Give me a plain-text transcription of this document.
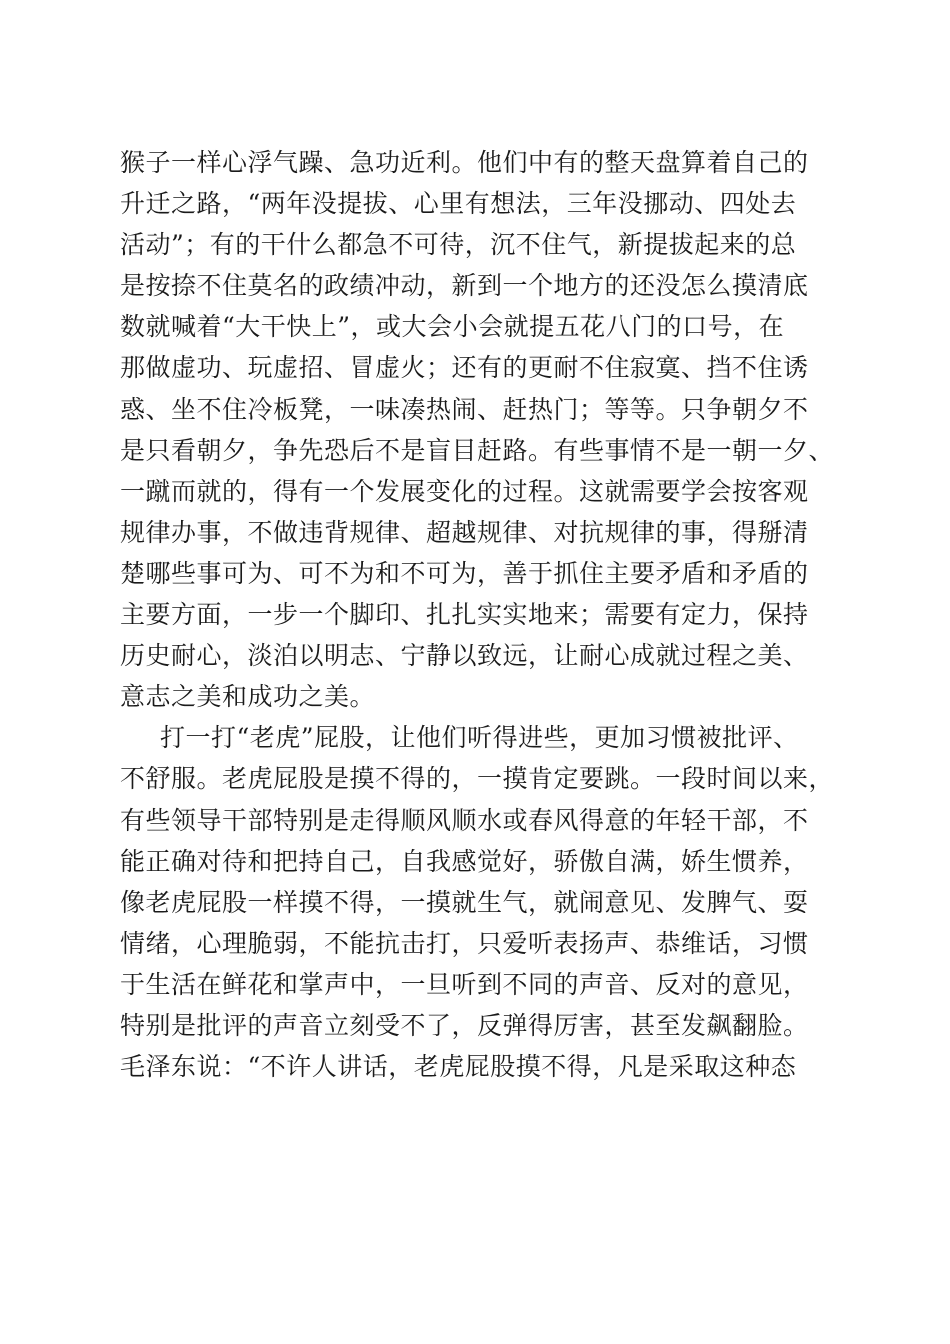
猴子一样心浮气躁、急功近利。他们中有的整天盘算着自己的
升迁之路，“两年没提拔、心里有想法，三年没挪动、四处去
活动”；有的干什么都急不可待，沉不住气，新提拔起来的总
是按捺不住莫名的政绩冲动，新到一个地方的还没怎么摸清底
数就喊着“大干快上”，或大会小会就提五花八门的口号，在
那做虚功、玩虚招、冒虚火；还有的更耐不住寂寞、挡不住诱
惑、坐不住冷板凳，一味凑热闹、赶热门；等等。只争朝夕不
是只看朝夕，争先恐后不是盲目赶路。有些事情不是一朝一夕、
一蹴而就的，得有一个发展变化的过程。这就需要学会按客观
规律办事，不做违背规律、超越规律、对抗规律的事，得掰清
楚哪些事可为、可不为和不可为，善于抓住主要矛盾和矛盾的
主要方面，一步一个脚印、扎扎实实地来；需要有定力，保持
历史耐心，淡泊以明志、宁静以致远，让耐心成就过程之美、
意志之美和成功之美。
打一打“老虎”屁股，让他们听得进些，更加习惯被批评、
不舒服。老虎屁股是摸不得的，一摸肯定要跳。一段时间以来，
有些领导干部特别是走得顺风顺水或春风得意的年轻干部，不
能正确对待和把持自己，自我感觉好，骄傲自满，娇生惯养，
像老虎屁股一样摸不得，一摸就生气，就闹意见、发脾气、耍
情绪，心理脆弱，不能抗击打，只爱听表扬声、恭维话，习惯
于生活在鲜花和掌声中，一旦听到不同的声音、反对的意见，
特别是批评的声音立刻受不了，反弹得厉害，甚至发飙翻脸。
毛泽东说：“不许人讲话，老虎屁股摸不得，凡是采取这种态
